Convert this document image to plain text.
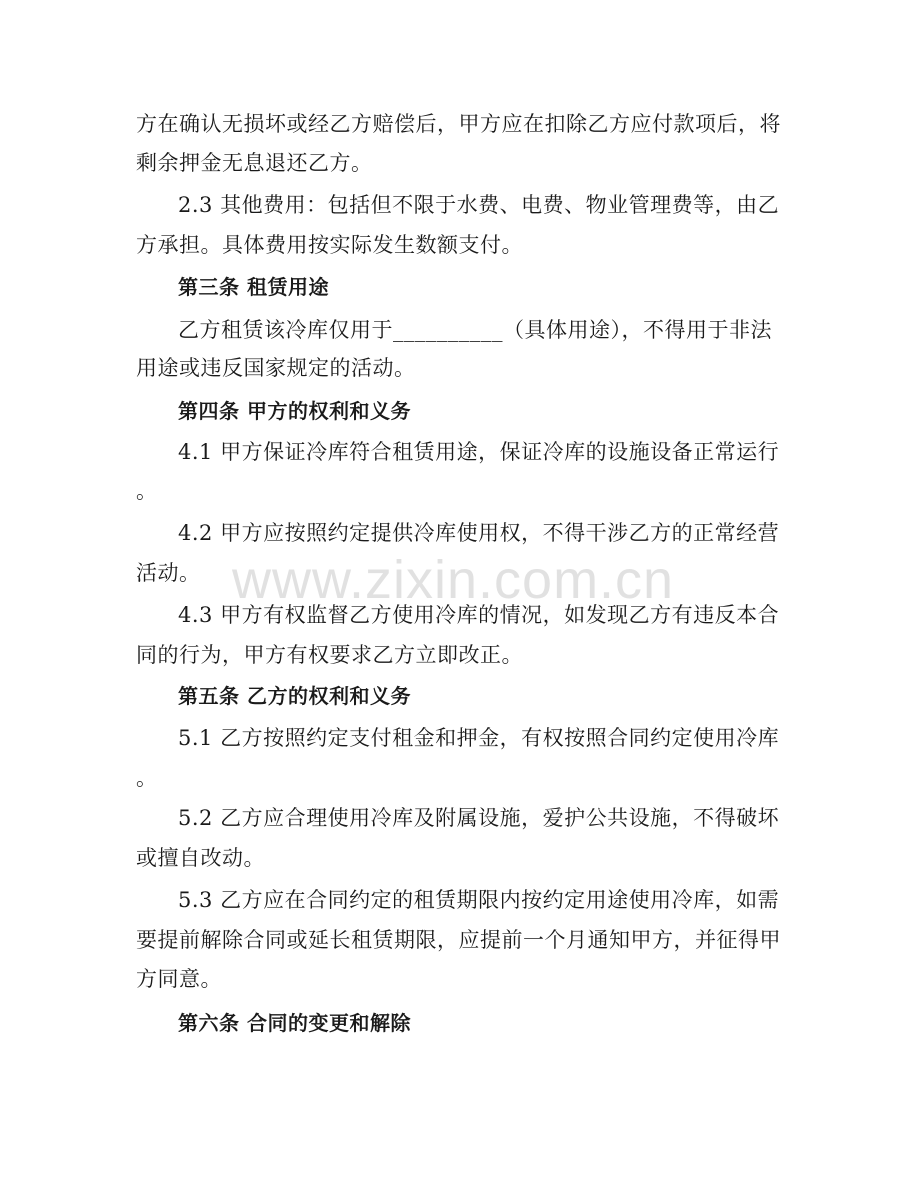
方在确认无损坏或经乙方赔偿后，甲方应在扣除乙方应付款项后，将
剩余押金无息退还乙方。
2.3 其他费用：包括但不限于水费、电费、物业管理费等，由乙
方承担。具体费用按实际发生数额支付。
第三条 租赁用途
乙方租赁该冷库仅用于__________（具体用途），不得用于非法
用途或违反国家规定的活动。
第四条 甲方的权利和义务
4.1 甲方保证冷库符合租赁用途，保证冷库的设施设备正常运行
。
4.2 甲方应按照约定提供冷库使用权，不得干涉乙方的正常经营
活动。
4.3 甲方有权监督乙方使用冷库的情况，如发现乙方有违反本合
同的行为，甲方有权要求乙方立即改正。
第五条 乙方的权利和义务
5.1 乙方按照约定支付租金和押金，有权按照合同约定使用冷库
。
5.2 乙方应合理使用冷库及附属设施，爱护公共设施，不得破坏
或擅自改动。
5.3 乙方应在合同约定的租赁期限内按约定用途使用冷库，如需
要提前解除合同或延长租赁期限，应提前一个月通知甲方，并征得甲
方同意。
第六条 合同的变更和解除
www.zixin.com.cn
